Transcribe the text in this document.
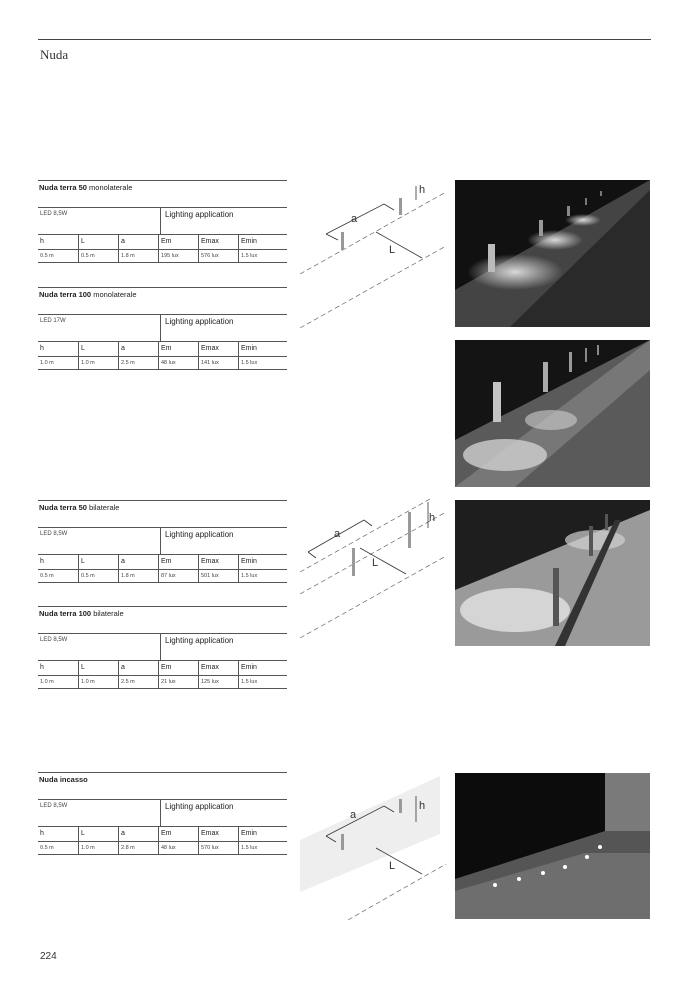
Nuda
Nuda terra 50 monolaterale
LED 8,5W	Lighting application
h	L	a	Em	Emax	Emin
0.5 m	0.5 m	1.8 m	195 lux	576 lux	1.5 lux
Nuda terra 100 monolaterale
LED 17W	Lighting application
h	L	a	Em	Emax	Emin
1.0 m	1.0 m	2.5 m	48 lux	141 lux	1.5 lux
Nuda terra 50 bilaterale
LED 8,5W	Lighting application
h	L	a	Em	Emax	Emin
0.5 m	0.5 m	1.8 m	87 lux	501 lux	1.5 lux
Nuda terra 100 bilaterale
LED 8,5W	Lighting application
h	L	a	Em	Emax	Emin
1.0 m	1.0 m	2.5 m	21 lux	125 lux	1.5 lux
Nuda incasso
LED 8,5W	Lighting application
h	L	a	Em	Emax	Emin
0.5 m	1.0 m	2.8 m	48 lux	570 lux	1.5 lux
a
h
L
a
h
L
a
h
L
224
